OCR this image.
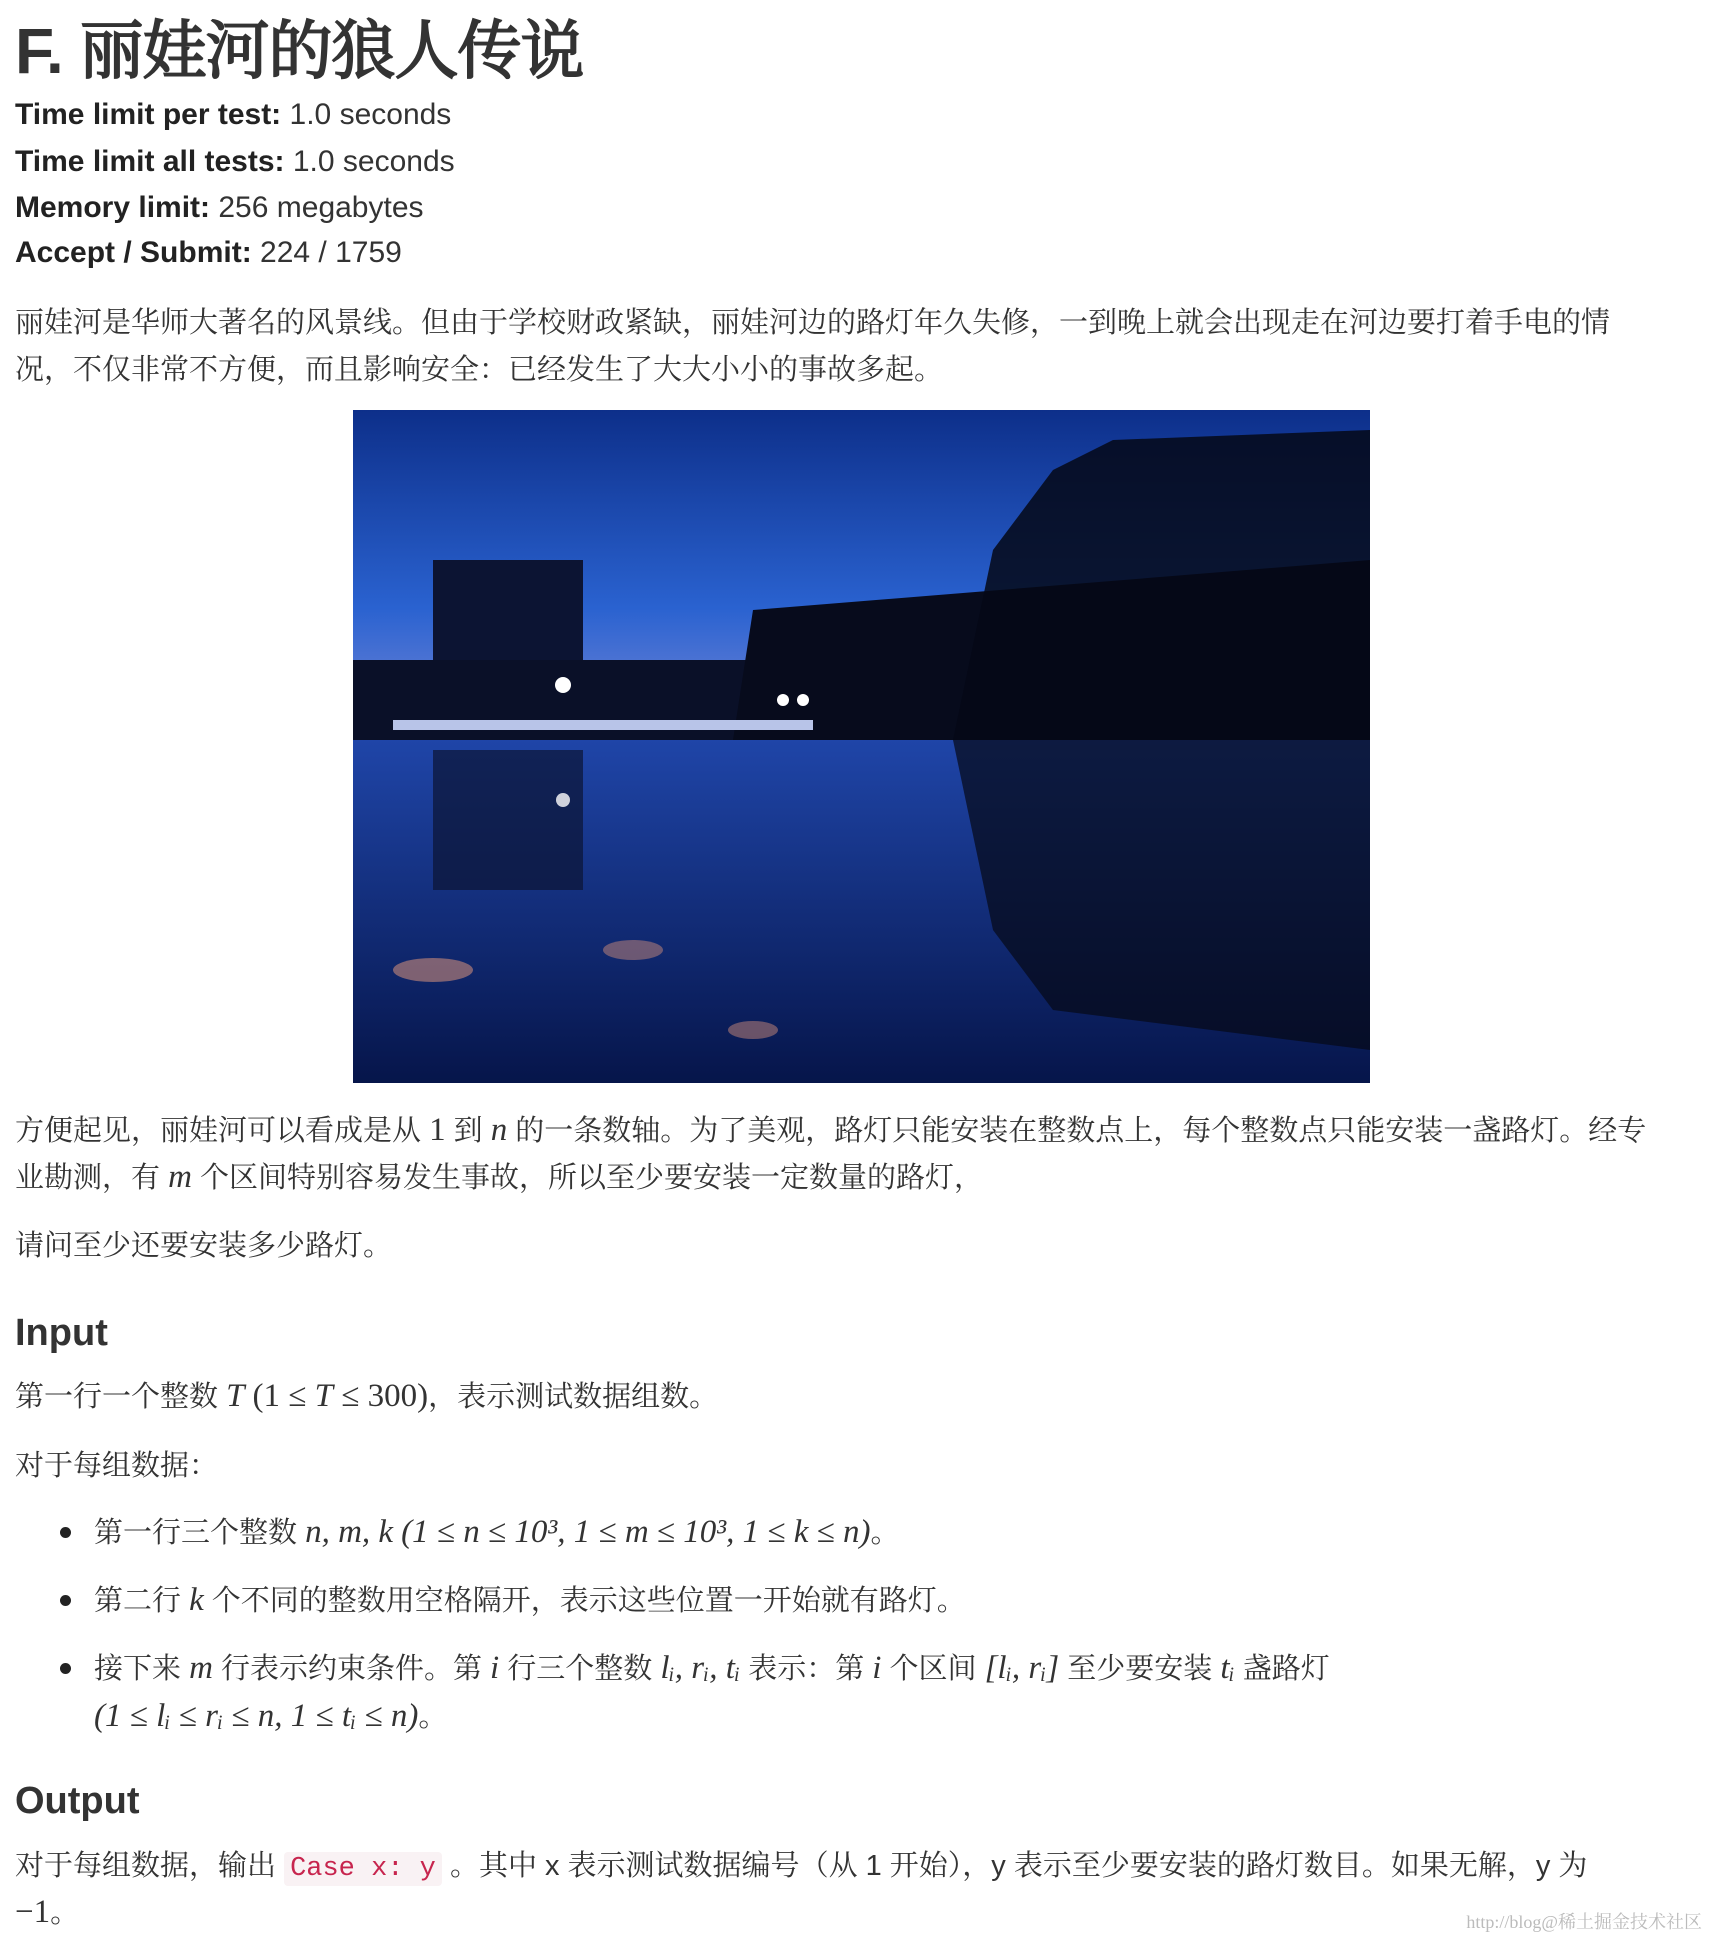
F. 丽娃河的狼人传说
Time limit per test: 1.0 seconds
Time limit all tests: 1.0 seconds
Memory limit: 256 megabytes
Accept / Submit: 224 / 1759
丽娃河是华师大著名的风景线。但由于学校财政紧缺，丽娃河边的路灯年久失修，一到晚上就会出现走在河边要打着手电的情
况，不仅非常不方便，而且影响安全：已经发生了大大小小的事故多起。
方便起见，丽娃河可以看成是从 1 到 n 的一条数轴。为了美观，路灯只能安装在整数点上，每个整数点只能安装一盏路灯。经专
业勘测，有 m 个区间特别容易发生事故，所以至少要安装一定数量的路灯，
请问至少还要安装多少路灯。
Input
第一行一个整数 T (1 ≤ T ≤ 300)，表示测试数据组数。
对于每组数据：
第一行三个整数 n, m, k (1 ≤ n ≤ 10³, 1 ≤ m ≤ 10³, 1 ≤ k ≤ n)。
第二行 k 个不同的整数用空格隔开，表示这些位置一开始就有路灯。
接下来 m 行表示约束条件。第 i 行三个整数 lᵢ, rᵢ, tᵢ 表示：第 i 个区间 [lᵢ, rᵢ] 至少要安装 tᵢ 盏路灯
(1 ≤ lᵢ ≤ rᵢ ≤ n, 1 ≤ tᵢ ≤ n)。
Output
对于每组数据，输出 Case x: y 。其中 x 表示测试数据编号（从 1 开始），y 表示至少要安装的路灯数目。如果无解，y 为
−1。	http://blog@稀土掘金技术社区
